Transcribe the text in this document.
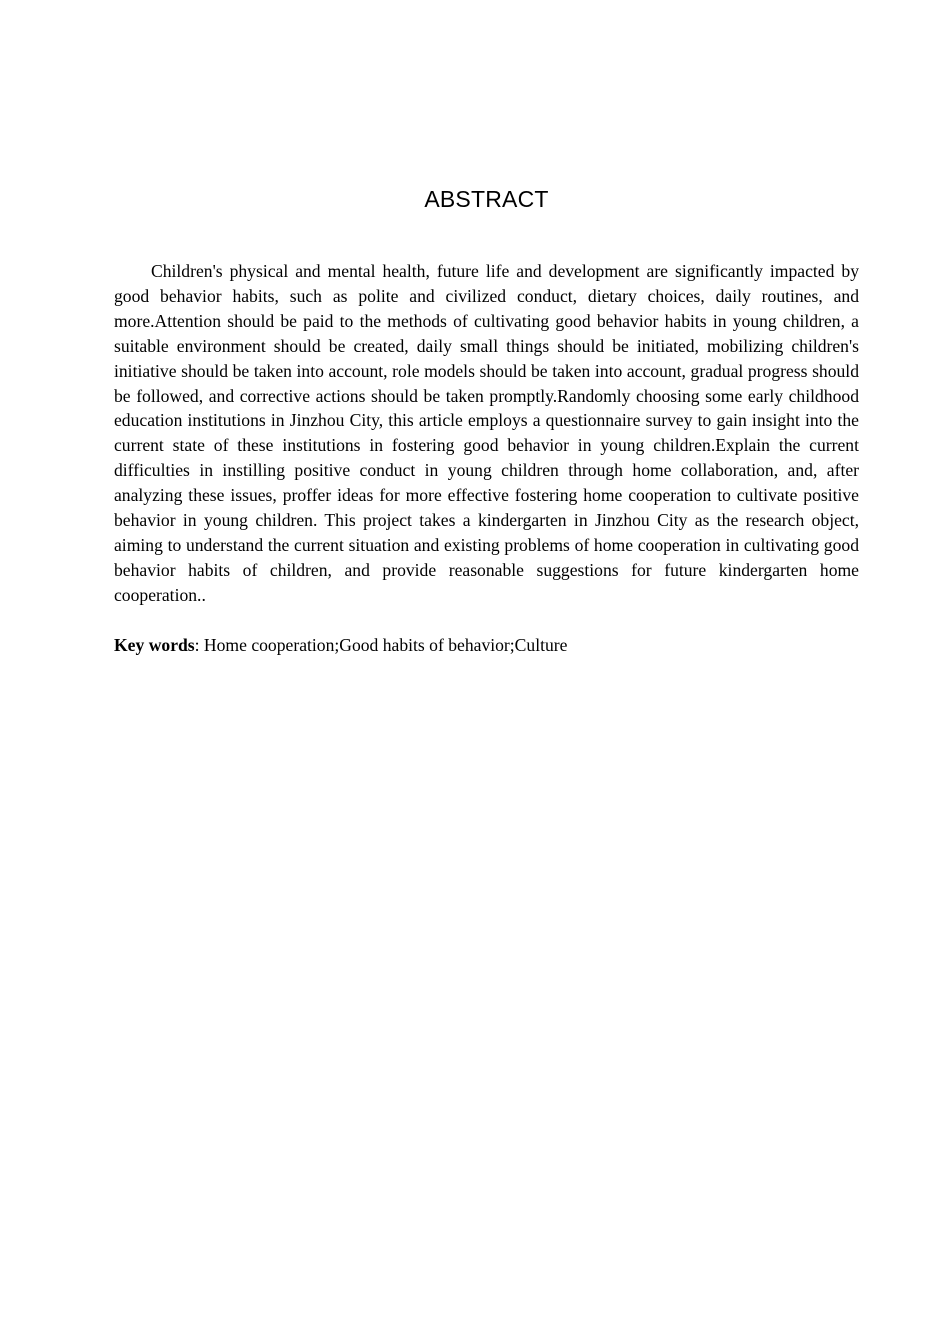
ABSTRACT

Children's physical and mental health, future life and development are significantly impacted by good behavior habits, such as polite and civilized conduct, dietary choices, daily routines, and more.Attention should be paid to the methods of cultivating good behavior habits in young children, a suitable environment should be created, daily small things should be initiated, mobilizing children's initiative should be taken into account, role models should be taken into account, gradual progress should be followed, and corrective actions should be taken promptly.Randomly choosing some early childhood education institutions in Jinzhou City, this article employs a questionnaire survey to gain insight into the current state of these institutions in fostering good behavior in young children.Explain the current difficulties in instilling positive conduct in young children through home collaboration, and, after analyzing these issues, proffer ideas for more effective fostering home cooperation to cultivate positive behavior in young children. This project takes a kindergarten in Jinzhou City as the research object, aiming to understand the current situation and existing problems of home cooperation in cultivating good behavior habits of children, and provide reasonable suggestions for future kindergarten home cooperation..

Key words: Home cooperation;Good habits of behavior;Culture
